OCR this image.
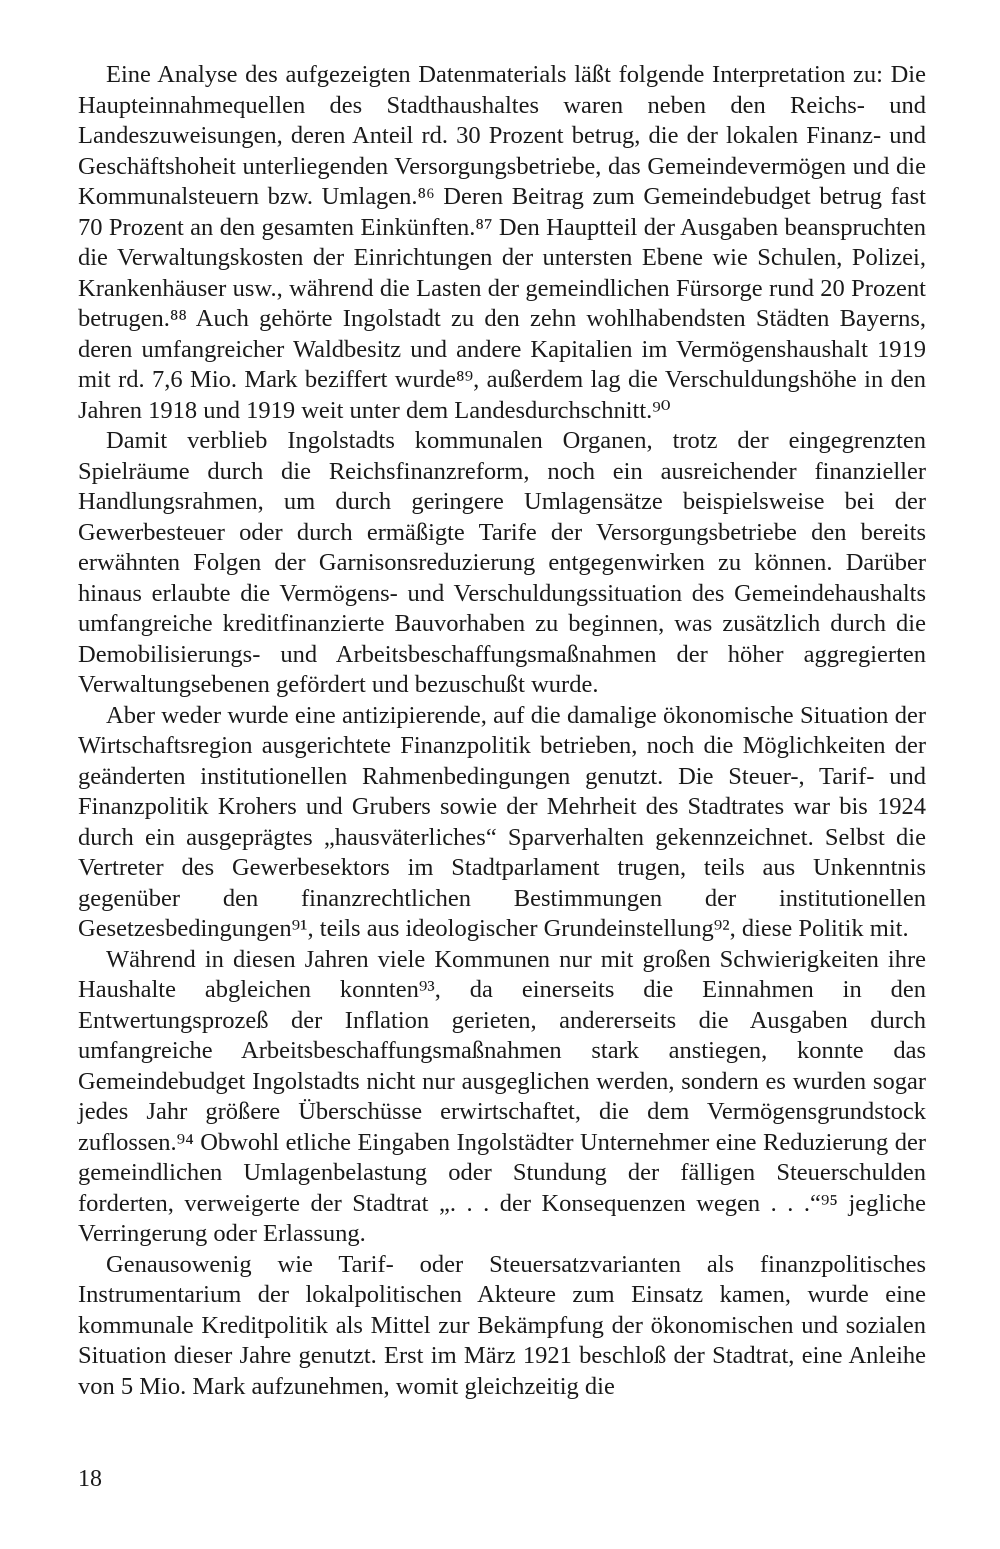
Eine Analyse des aufgezeigten Datenmaterials läßt folgende Interpretation zu: Die Haupteinnahmequellen des Stadthaushaltes waren neben den Reichs- und Landeszuweisungen, deren Anteil rd. 30 Prozent betrug, die der lokalen Finanz- und Geschäftshoheit unterliegenden Versorgungsbetriebe, das Gemeindevermögen und die Kommunalsteuern bzw. Umlagen.⁸⁶ Deren Beitrag zum Gemeindebudget betrug fast 70 Prozent an den gesamten Einkünften.⁸⁷ Den Hauptteil der Ausgaben beanspruchten die Verwaltungskosten der Einrichtungen der untersten Ebene wie Schulen, Polizei, Krankenhäuser usw., während die Lasten der gemeindlichen Fürsorge rund 20 Prozent betrugen.⁸⁸ Auch gehörte Ingolstadt zu den zehn wohlhabendsten Städten Bayerns, deren umfangreicher Waldbesitz und andere Kapitalien im Vermögenshaushalt 1919 mit rd. 7,6 Mio. Mark beziffert wurde⁸⁹, außerdem lag die Verschuldungshöhe in den Jahren 1918 und 1919 weit unter dem Landesdurchschnitt.⁹⁰

Damit verblieb Ingolstadts kommunalen Organen, trotz der eingegrenzten Spielräume durch die Reichsfinanzreform, noch ein ausreichender finanzieller Handlungsrahmen, um durch geringere Umlagensätze beispielsweise bei der Gewerbesteuer oder durch ermäßigte Tarife der Versorgungsbetriebe den bereits erwähnten Folgen der Garnisonsreduzierung entgegenwirken zu können. Darüber hinaus erlaubte die Vermögens- und Verschuldungssituation des Gemeindehaushalts umfangreiche kreditfinanzierte Bauvorhaben zu beginnen, was zusätzlich durch die Demobilisierungs- und Arbeitsbeschaffungsmaßnahmen der höher aggregierten Verwaltungsebenen gefördert und bezuschußt wurde.

Aber weder wurde eine antizipierende, auf die damalige ökonomische Situation der Wirtschaftsregion ausgerichtete Finanzpolitik betrieben, noch die Möglichkeiten der geänderten institutionellen Rahmenbedingungen genutzt. Die Steuer-, Tarif- und Finanzpolitik Krohers und Grubers sowie der Mehrheit des Stadtrates war bis 1924 durch ein ausgeprägtes „hausväterliches“ Sparverhalten gekennzeichnet. Selbst die Vertreter des Gewerbesektors im Stadtparlament trugen, teils aus Unkenntnis gegenüber den finanzrechtlichen Bestimmungen der institutionellen Gesetzesbedingungen⁹¹, teils aus ideologischer Grundeinstellung⁹², diese Politik mit.

Während in diesen Jahren viele Kommunen nur mit großen Schwierigkeiten ihre Haushalte abgleichen konnten⁹³, da einerseits die Einnahmen in den Entwertungsprozeß der Inflation gerieten, andererseits die Ausgaben durch umfangreiche Arbeitsbeschaffungsmaßnahmen stark anstiegen, konnte das Gemeindebudget Ingolstadts nicht nur ausgeglichen werden, sondern es wurden sogar jedes Jahr größere Überschüsse erwirtschaftet, die dem Vermögensgrundstock zuflossen.⁹⁴ Obwohl etliche Eingaben Ingolstädter Unternehmer eine Reduzierung der gemeindlichen Umlagenbelastung oder Stundung der fälligen Steuerschulden forderten, verweigerte der Stadtrat „. . . der Konsequenzen wegen . . .“⁹⁵ jegliche Verringerung oder Erlassung.

Genausowenig wie Tarif- oder Steuersatzvarianten als finanzpolitisches Instrumentarium der lokalpolitischen Akteure zum Einsatz kamen, wurde eine kommunale Kreditpolitik als Mittel zur Bekämpfung der ökonomischen und sozialen Situation dieser Jahre genutzt. Erst im März 1921 beschloß der Stadtrat, eine Anleihe von 5 Mio. Mark aufzunehmen, womit gleichzeitig die

18
